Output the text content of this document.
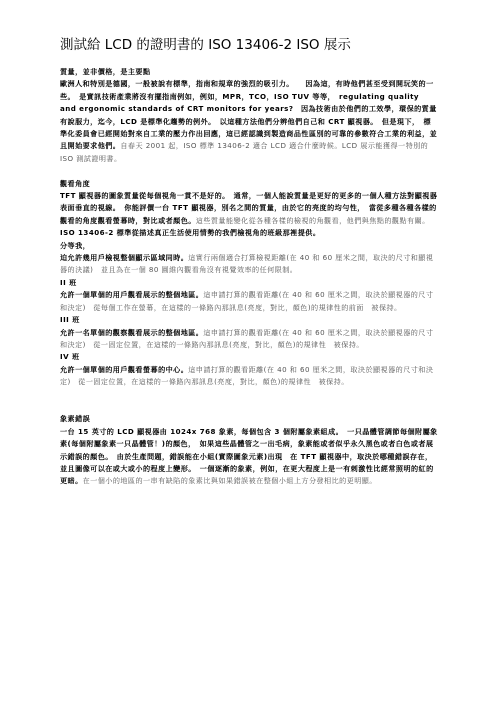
測試給 LCD 的證明書的 ISO 13406-2 ISO 展示

質量，並非價格，是主要點

歐洲人和特別是德國，一般被說有標準，指南和規章的強烈的吸引力。　　因為這，有時他們甚至受到開玩笑的一些。　是實訊技術產業將沒有擺指南例如，例如，MPR，TCO，ISO TUV 等等，　regulating quality and ergonomic standards of CRT monitors for years?　因為技術由於他們的工效學，環保的質量有說服力，迄今，LCD 是標準化趨勢的例外。　以這種方法他們分辨他們自己和 CRT 顯視器。　但是現下，　標準化委員會已經開始對來自工業的壓力作出回應，這已經認識到製造商品性區別的可靠的參數符合工業的利益，並且開始要求他們。自春天 2001 起，ISO 標準 13406-2 適合 LCD 適合什麼時候。LCD 展示能獲得一特別的 ISO 測試證明書。

觀看角度

TFT 顯視器的圖象質量從每個視角一貫不是好的。　通常，一個人能說質量是更好的更多的一個人種方法對顯視器表面垂直的視線。　你能評價一台 TFT 顯視器，別名之間的質量，由於它的亮度的均勻性，　當從多種各種各樣的觀看的角度觀看螢幕時，對比或者顏色。這些質量能變化從各種各樣的檢視的角觀看，他們與焦點的觀點有關。

ISO 13406-2 標準從描述真正生活使用情勢的我們檢視角的班級那裡提供。

分等我，

迫允許幾用戶檢視整個顯示區域同時。這實行兩個適合打算檢視距離(在 40 和 60 厘米之間，取決的尺寸和顯視器的決議)　並且為在一個 80 圓維內觀看角沒有視覺效率的任何限制。

II 班

允許一個單個的用戶觀看展示的整個地區。這申請打算的觀看距離(在 40 和 60 厘米之間，取決於顯視器的尺寸和決定)　從每個工作在螢幕，在這樣的一條路內那訊息(亮度，對比，顏色)的規律性的前面　被保持。

III 班

允許一名單個的觀察觀看展示的整個地區。這申請打算的觀看距離(在 40 和 60 厘米之間，取決於顯視器的尺寸和決定)　從一固定位置，在這樣的一條路內那訊息(亮度，對比，顏色)的規律性　被保持。

IV 班

允許一個單個的用戶觀看螢幕的中心。這申請打算的觀看距離(在 40 和 60 厘米之間，取決於顯視器的尺寸和決定)　從一固定位置，在這樣的一條路內那訊息(亮度，對比，顏色)的規律性　被保持。

象素錯誤

一台 15 英寸的 LCD 顯視器由 1024x 768 象素，每個包含 3 個附屬象素組成。　一只晶體管調節每個附屬象素(每個附屬象素一只晶體管！)的顏色，　如果這些晶體管之一出毛病，象素能或者似乎永久黑色或者白色或者展示錯誤的顏色。　由於生產問題，錯誤能在小組(實際圖象元素)出現　在 TFT 顯視器中，取決於哪種錯誤存在，並且圖像可以在或大或小的程度上變形。　一個逐漸的象素，例如，在更大程度上是一有刺激性比經常照明的紅的更暗。在一個小的地區的一串有缺陷的象素比與如果錯誤被在整個小組上方分發相比的更明顯。
